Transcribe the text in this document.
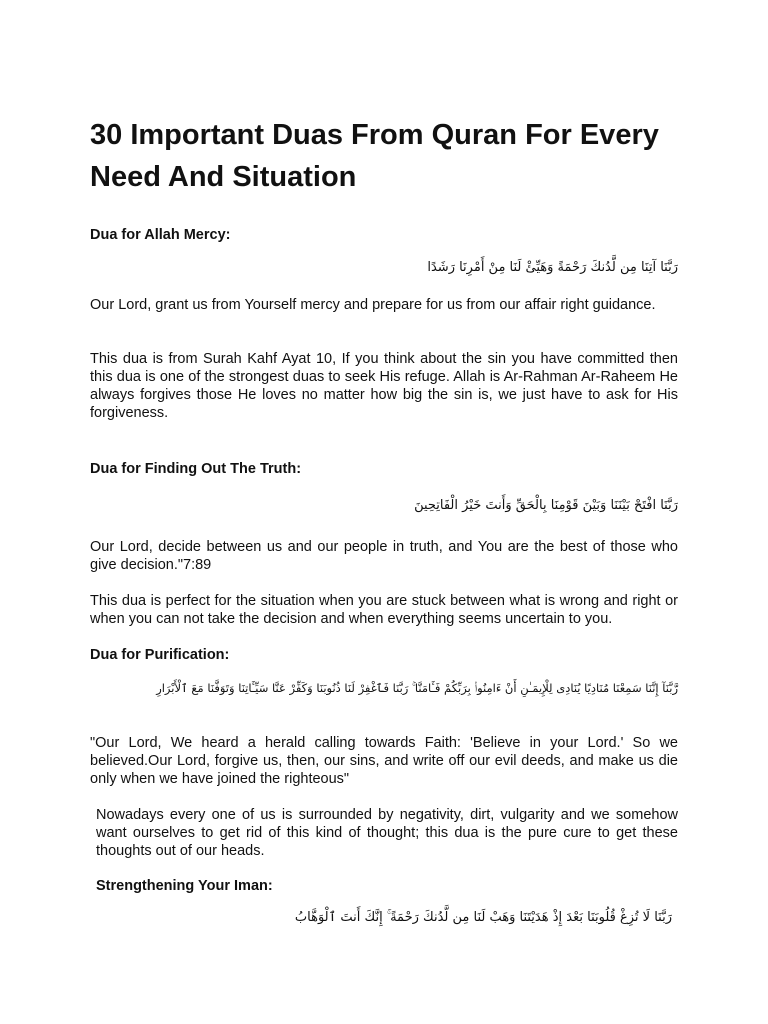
30 Important Duas From Quran For Every Need And Situation
Dua for Allah Mercy:
رَبَّنَا آتِنَا مِن لَّدُنكَ رَحْمَةً وَهَيِّئْ لَنَا مِنْ أَمْرِنَا رَشَدًا

Our Lord, grant us from Yourself mercy and prepare for us from our affair right guidance.

This dua is from Surah Kahf Ayat 10, If you think about the sin you have committed then this dua is one of the strongest duas to seek His refuge. Allah is Ar-Rahman Ar-Raheem He always forgives those He loves no matter how big the sin is, we just have to ask for His forgiveness.

Dua for Finding Out The Truth:
رَبَّنَا افْتَحْ بَيْنَنَا وَبَيْنَ قَوْمِنَا بِالْحَقِّ وَأَنتَ خَيْرُ الْفَاتِحِينَ

Our Lord, decide between us and our people in truth, and You are the best of those who give decision."7:89

This dua is perfect for the situation when you are stuck between what is wrong and right or when you can not take the decision and when everything seems uncertain to you.

Dua for Purification:
رَّبَّنَآ إِنَّنَا سَمِعْنَا مُنَادِيًا يُنَادِى لِلْإِيمَـٰنِ أَنْ ءَامِنُوا۟ بِرَبِّكُمْ فَـَٔامَنَّا ۚ رَبَّنَا فَٱغْفِرْ لَنَا ذُنُوبَنَا وَكَفِّرْ عَنَّا سَيِّـَٔاتِنَا وَتَوَفَّنَا مَعَ ٱلْأَبْرَارِ

"Our Lord, We heard a herald calling towards Faith: 'Believe in your Lord.' So we believed.Our Lord, forgive us, then, our sins, and write off our evil deeds, and make us die only when we have joined the righteous"

Nowadays every one of us is surrounded by negativity, dirt, vulgarity and we somehow want ourselves to get rid of this kind of thought; this dua is the pure cure to get these thoughts out of our heads.

Strengthening Your Iman:
رَبَّنَا لَا تُزِغْ قُلُوبَنَا بَعْدَ إِذْ هَدَيْتَنَا وَهَبْ لَنَا مِن لَّدُنكَ رَحْمَةً ۚ إِنَّكَ أَنتَ ٱلْوَهَّابُ
